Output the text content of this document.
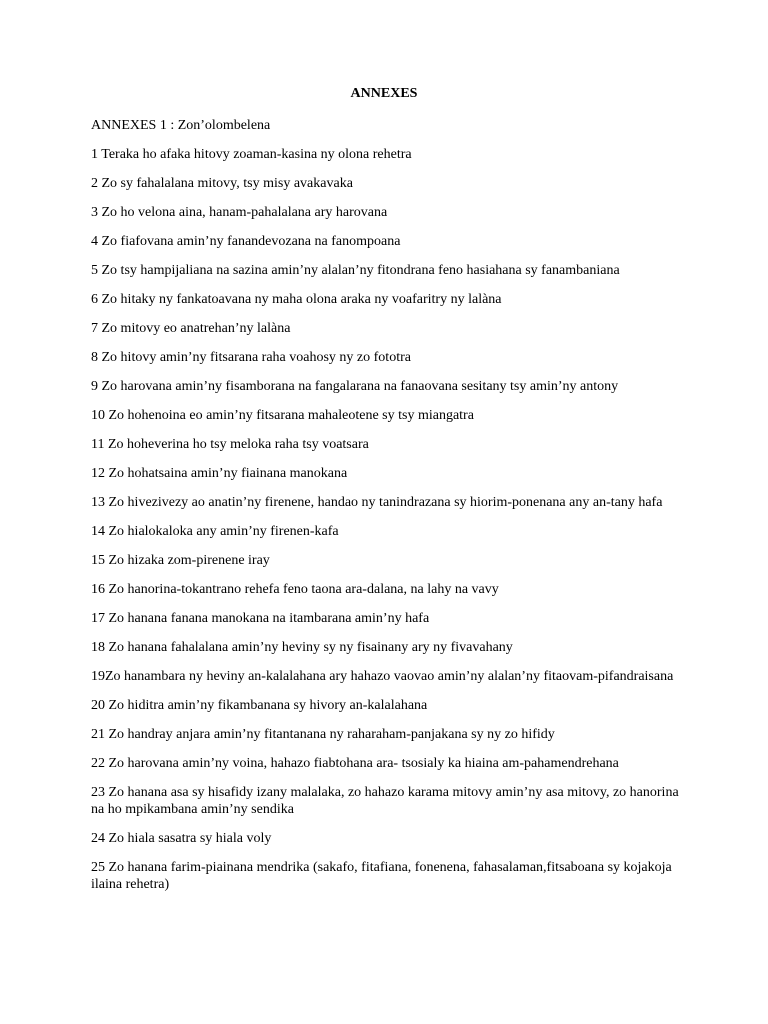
ANNEXES
ANNEXES 1 : Zon’olombelena
1 Teraka ho afaka hitovy zoaman-kasina ny olona rehetra
2 Zo sy fahalalana mitovy, tsy misy avakavaka
3 Zo ho velona aina, hanam-pahalalana ary harovana
4 Zo fiafovana amin’ny fanandevozana na fanompoana
5 Zo tsy hampijaliana na sazina amin’ny alalan’ny fitondrana feno hasiahana sy fanambaniana
6 Zo hitaky ny fankatoavana ny maha olona araka ny voafaritry ny lalàna
7 Zo mitovy eo anatrehan’ny lalàna
8 Zo hitovy amin’ny fitsarana raha voahosy ny zo fototra
9 Zo harovana amin’ny fisamborana na fangalarana na fanaovana sesitany tsy amin’ny antony
10 Zo hohenoina eo amin’ny fitsarana mahaleotene sy tsy miangatra
11 Zo hoheverina ho tsy meloka raha tsy voatsara
12 Zo hohatsaina amin’ny fiainana manokana
13 Zo hivezivezy ao anatin’ny firenene, handao ny tanindrazana sy hiorim-ponenana any an-tany hafa
14 Zo hialokaloka any amin’ny firenen-kafa
15 Zo hizaka zom-pirenene iray
16 Zo hanorina-tokantrano rehefa feno taona ara-dalana, na lahy na vavy
17 Zo hanana fanana manokana na itambarana amin’ny hafa
18 Zo hanana fahalalana amin’ny heviny sy ny fisainany ary ny fivavahany
19Zo hanambara ny heviny an-kalalahana ary hahazo vaovao amin’ny alalan’ny fitaovam-pifandraisana
20 Zo hiditra amin’ny fikambanana sy hivory an-kalalahana
21 Zo handray anjara amin’ny fitantanana ny raharaham-panjakana sy ny zo hifidy
22 Zo harovana amin’ny voina, hahazo fiabtohana ara- tsosialy ka hiaina am-pahamendrehana
23 Zo hanana asa sy hisafidy izany malalaka, zo hahazo karama mitovy amin’ny asa mitovy, zo hanorina na ho mpikambana amin’ny sendika
24 Zo hiala sasatra sy hiala voly
25 Zo hanana farim-piainana mendrika (sakafo, fitafiana, fonenena, fahasalaman,fitsaboana sy kojakoja ilaina rehetra)
